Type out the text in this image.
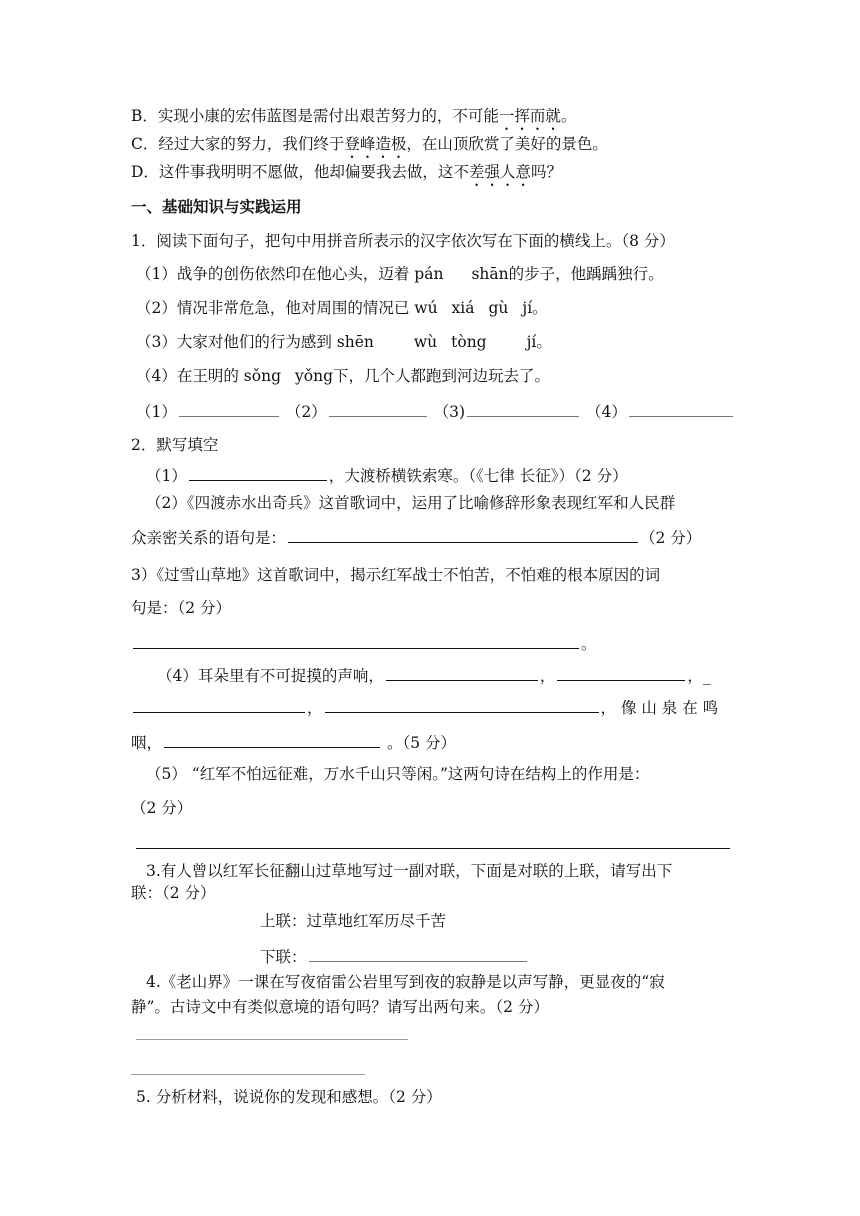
B．实现小康的宏伟蓝图是需付出艰苦努力的，不可能一挥而就。
C．经过大家的努力，我们终于登峰造极，在山顶欣赏了美好的景色。
D．这件事我明明不愿做，他却偏要我去做，这不差强人意吗？
一、基础知识与实践运用
1．阅读下面句子，把句中用拼音所表示的汉字依次写在下面的横线上。（8 分）
（1）战争的创伤依然印在他心头，迈着 pán shān的步子，他踽踽独行。
（2）情况非常危急，他对周围的情况已 wú xiá gù jí。
（3）大家对他们的行为感到 shēn	wù tòng	jí。
（4）在王明的 sǒng yǒng下，几个人都跑到河边玩去了。
（1）	（2）	（3)	（4）
2．默写填空
（1）	，大渡桥横铁索寒。（《七律 长征》）（2 分）
（2）《四渡赤水出奇兵》这首歌词中，运用了比喻修辞形象表现红军和人民群
众亲密关系的语句是：	（2 分）
3）《过雪山草地》这首歌词中，揭示红军战士不怕苦，不怕难的根本原因的词
句是：（2 分）
。
（4）耳朵里有不可捉摸的声响，	，	，_
，	， 像 山 泉 在 鸣
咽，	。（5 分）
（5） “红军不怕远征难，万水千山只等闲。”这两句诗在结构上的作用是：
（2 分）
3.有人曾以红军长征翻山过草地写过一副对联，下面是对联的上联，请写出下
联：（2 分）
上联：过草地红军历尽千苦
下联：
4.《老山界》一课在写夜宿雷公岩里写到夜的寂静是以声写静，更显夜的“寂
静”。古诗文中有类似意境的语句吗？请写出两句来。（2 分）
5. 分析材料，说说你的发现和感想。（2 分）
